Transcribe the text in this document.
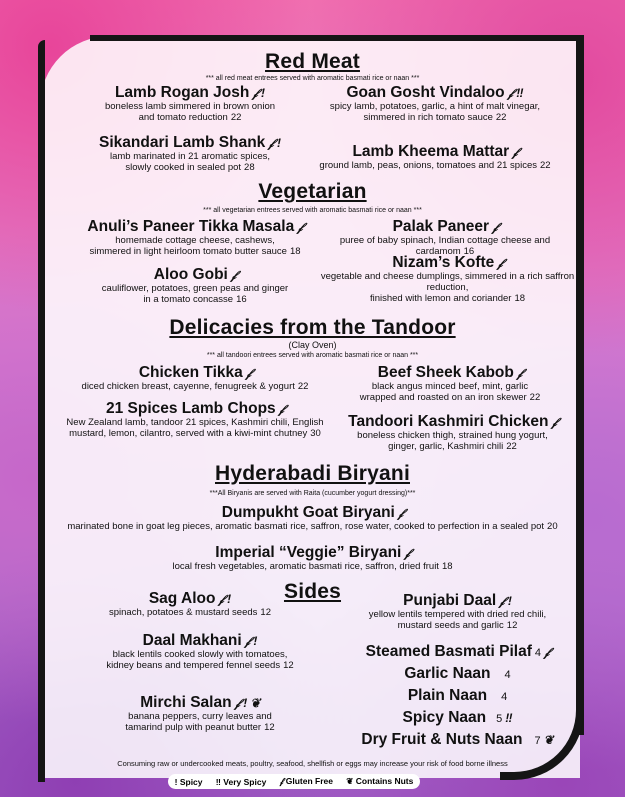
Red Meat
*** all red meat entrees served with aromatic basmati rice or naan ***
Lamb Rogan Josh 𝒻 !
boneless lamb simmered in brown onion
and tomato reduction 22
Goan Gosht Vindaloo 𝒻 ‼
spicy lamb, potatoes, garlic, a hint of malt vinegar,
simmered in rich tomato sauce 22
Sikandari Lamb Shank 𝒻 !
lamb marinated in 21 aromatic spices,
slowly cooked in sealed pot 28
Lamb Kheema Mattar 𝒻
ground lamb, peas, onions, tomatoes and 21 spices 22
Vegetarian
*** all vegetarian entrees served with aromatic basmati rice or naan ***
Anuli’s Paneer Tikka Masala 𝒻
homemade cottage cheese, cashews,
simmered in light heirloom tomato butter sauce 18
Palak Paneer 𝒻
puree of baby spinach, Indian cottage cheese and cardamom 16
Aloo Gobi 𝒻
cauliflower, potatoes, green peas and ginger
in a tomato concasse 16
Nizam’s Kofte 𝒻
vegetable and cheese dumplings, simmered in a rich saffron reduction,
finished with lemon and coriander 18
Delicacies from the Tandoor
(Clay Oven)
*** all tandoori entrees served with aromatic basmati rice or naan ***
Chicken Tikka 𝒻
diced chicken breast, cayenne, fenugreek & yogurt 22
Beef Sheek Kabob 𝒻
black angus minced beef, mint, garlic
wrapped and roasted on an iron skewer 22
21 Spices Lamb Chops 𝒻
New Zealand lamb, tandoor 21 spices, Kashmiri chili, English
mustard, lemon, cilantro, served with a kiwi-mint chutney 30
Tandoori Kashmiri Chicken 𝒻
boneless chicken thigh, strained hung yogurt,
ginger, garlic, Kashmiri chili 22
Hyderabadi Biryani
***All Biryanis are served with Raita (cucumber yogurt dressing)***
Dumpukht Goat Biryani 𝒻
marinated bone in goat leg pieces, aromatic basmati rice, saffron, rose water, cooked to perfection in a sealed pot 20
Imperial “Veggie” Biryani 𝒻
local fresh vegetables, aromatic basmati rice, saffron, dried fruit 18
Sides
Sag Aloo 𝒻 !
spinach, potatoes & mustard seeds 12
Punjabi Daal 𝒻 !
yellow lentils tempered with dried red chili,
mustard seeds and garlic 12
Daal Makhani 𝒻 !
black lentils cooked slowly with tomatoes,
kidney beans and tempered fennel seeds 12
Mirchi Salan 𝒻 ! ❦
banana peppers, curry leaves and
tamarind pulp with peanut butter 12
Steamed Basmati Pilaf 4 𝒻
Garlic Naan 4
Plain Naan 4
Spicy Naan 5 ‼
Dry Fruit & Nuts Naan 7 ❦
Consuming raw or undercooked meats, poultry, seafood, shellfish or eggs may increase your risk of food borne illness
! Spicy ‼ Very Spicy 𝒻 Gluten Free ❦ Contains Nuts
